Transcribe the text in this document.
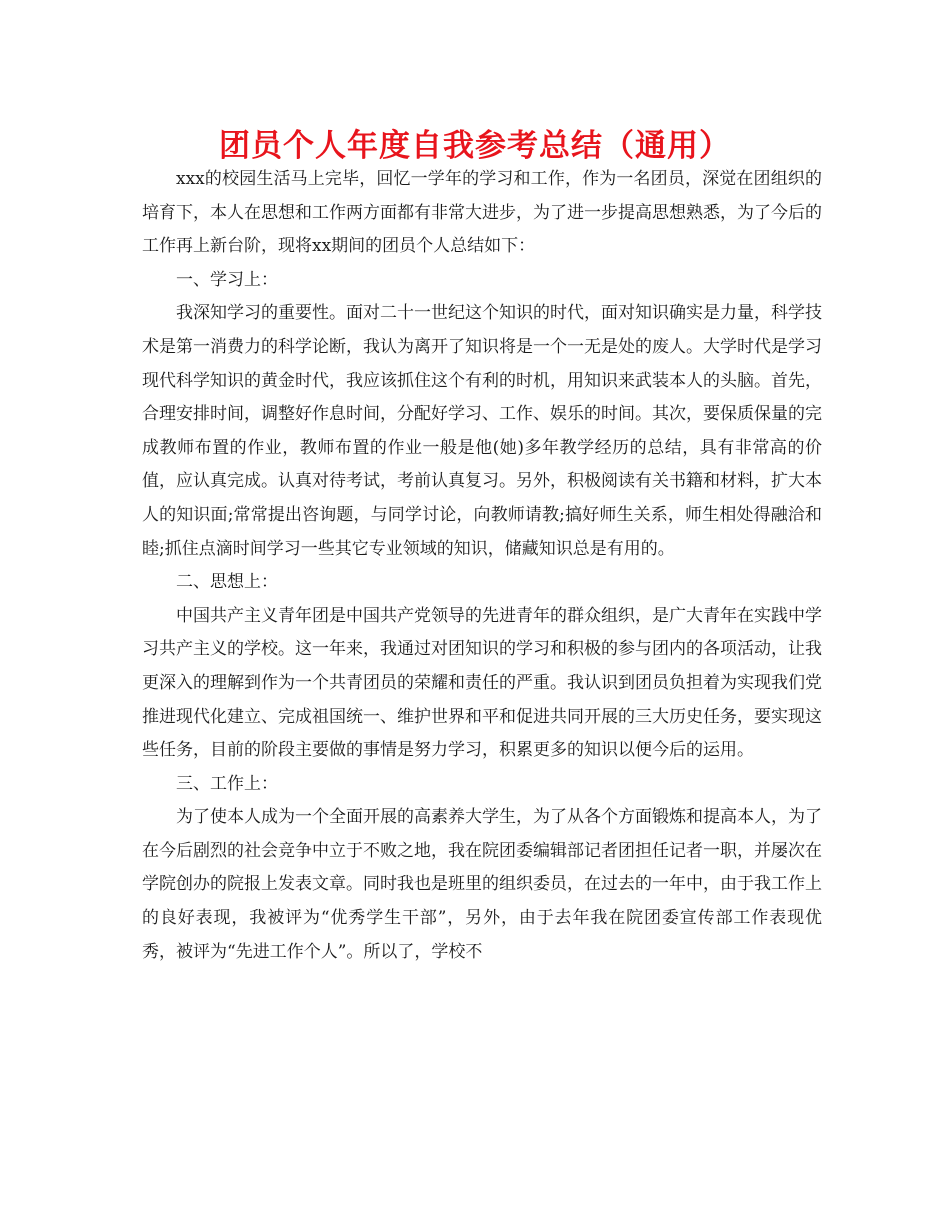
团员个人年度自我参考总结（通用）

xxx的校园生活马上完毕，回忆一学年的学习和工作，作为一名团员，深觉在团组织的培育下，本人在思想和工作两方面都有非常大进步，为了进一步提高思想熟悉，为了今后的工作再上新台阶，现将xx期间的团员个人总结如下：

一、学习上：

我深知学习的重要性。面对二十一世纪这个知识的时代，面对知识确实是力量，科学技术是第一消费力的科学论断，我认为离开了知识将是一个一无是处的废人。大学时代是学习现代科学知识的黄金时代，我应该抓住这个有利的时机，用知识来武装本人的头脑。首先，合理安排时间，调整好作息时间，分配好学习、工作、娱乐的时间。其次，要保质保量的完成教师布置的作业，教师布置的作业一般是他(她)多年教学经历的总结，具有非常高的价值，应认真完成。认真对待考试，考前认真复习。另外，积极阅读有关书籍和材料，扩大本人的知识面;常常提出咨询题，与同学讨论，向教师请教;搞好师生关系，师生相处得融洽和睦;抓住点滴时间学习一些其它专业领域的知识，储藏知识总是有用的。

二、思想上：

中国共产主义青年团是中国共产党领导的先进青年的群众组织，是广大青年在实践中学习共产主义的学校。这一年来，我通过对团知识的学习和积极的参与团内的各项活动，让我更深入的理解到作为一个共青团员的荣耀和责任的严重。我认识到团员负担着为实现我们党推进现代化建立、完成祖国统一、维护世界和平和促进共同开展的三大历史任务，要实现这些任务，目前的阶段主要做的事情是努力学习，积累更多的知识以便今后的运用。

三、工作上：

为了使本人成为一个全面开展的高素养大学生，为了从各个方面锻炼和提高本人，为了在今后剧烈的社会竞争中立于不败之地，我在院团委编辑部记者团担任记者一职，并屡次在学院创办的院报上发表文章。同时我也是班里的组织委员，在过去的一年中，由于我工作上的良好表现，我被评为“优秀学生干部”，另外，由于去年我在院团委宣传部工作表现优秀，被评为“先进工作个人”。所以了，学校不
